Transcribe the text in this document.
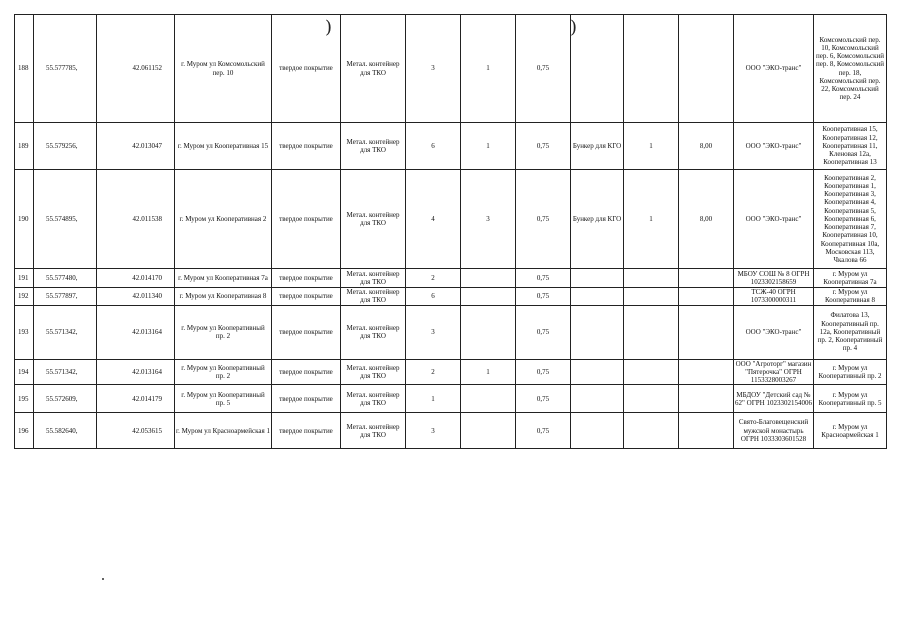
188	55.577785,	42.061152	г. Муром ул Комсомольский пер. 10	твердое покрытие	Метал. контейнер для ТКО	3	1	0,75				ООО "ЭКО-транс"	Комсомольский пер. 10, Комсомольский пер. 6, Комсомольский пер. 8, Комсомольский пер. 18, Комсомольский пер. 22, Комсомольский пер. 24
189	55.579256,	42.013047	г. Муром ул Кооперативная 15	твердое покрытие	Метал. контейнер для ТКО	6	1	0,75	Бункер для КГО	1	8,00	ООО "ЭКО-транс"	Кооперативная 15, Кооперативная 12, Кооперативная 11, Кленовая 12а, Кооперативная 13
190	55.574895,	42.011538	г. Муром ул Кооперативная 2	твердое покрытие	Метал. контейнер для ТКО	4	3	0,75	Бункер для КГО	1	8,00	ООО "ЭКО-транс"	Кооперативная 2, Кооперативная 1, Кооперативная 3, Кооперативная 4, Кооперативная 5, Кооперативная 6, Кооперативная 7, Кооперативная 10, Кооперативная 10а, Московская 113, Чкалова 66
191	55.577480,	42.014170	г. Муром ул Кооперативная 7а	твердое покрытие	Метал. контейнер для ТКО	2		0,75				МБОУ СОШ № 8 ОГРН 1023302158659	г. Муром ул Кооперативная 7а
192	55.577897,	42.011340	г. Муром ул Кооперативная 8	твердое покрытие	Метал. контейнер для ТКО	6		0,75				ТСЖ-40 ОГРН 1073300000311	г. Муром ул Кооперативная 8
193	55.571342,	42.013164	г. Муром ул Кооперативный пр. 2	твердое покрытие	Метал. контейнер для ТКО	3		0,75				ООО "ЭКО-транс"	Филатова 13, Кооперативный пр. 12а, Кооперативный пр. 2, Кооперативный пр. 4
194	55.571342,	42.013164	г. Муром ул Кооперативный пр. 2	твердое покрытие	Метал. контейнер для ТКО	2	1	0,75				ООО "Агроторг" магазин "Пятерочка" ОГРН 1153328003267	г. Муром ул Кооперативный пр. 2
195	55.572609,	42.014179	г. Муром ул Кооперативный пр. 5	твердое покрытие	Метал. контейнер для ТКО	1		0,75				МБДОУ "Детский сад № 62" ОГРН 1023302154006	г. Муром ул Кооперативный пр. 5
196	55.582640,	42.053615	г. Муром ул Красноармейская 1	твердое покрытие	Метал. контейнер для ТКО	3		0,75				Свято-Благовещенский мужской монастырь ОГРН 1033303601528	г. Муром ул Красноармейская 1
)	)
